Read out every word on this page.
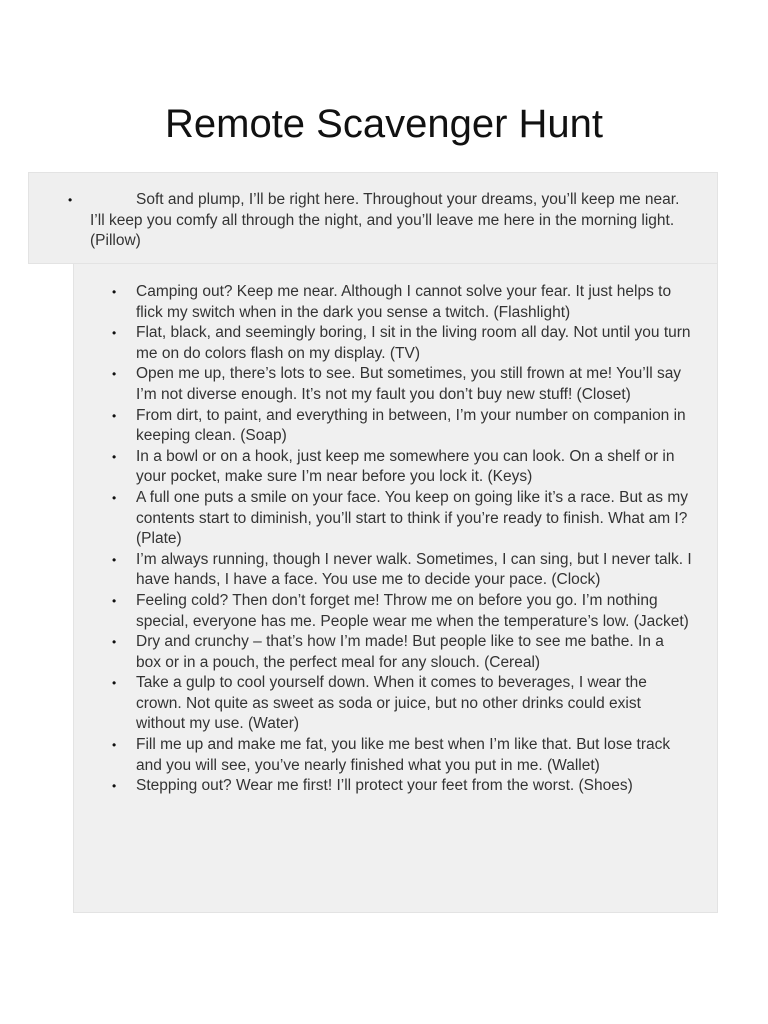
Remote Scavenger Hunt
•	Soft and plump, I’ll be right here. Throughout your dreams, you’ll keep me near. I’ll keep you comfy all through the night, and you’ll leave me here in the morning light. (Pillow)
• Camping out? Keep me near. Although I cannot solve your fear. It just helps to flick my switch when in the dark you sense a twitch. (Flashlight)
• Flat, black, and seemingly boring, I sit in the living room all day. Not until you turn me on do colors flash on my display. (TV)
• Open me up, there’s lots to see. But sometimes, you still frown at me! You’ll say I’m not diverse enough. It’s not my fault you don’t buy new stuff! (Closet)
• From dirt, to paint, and everything in between, I’m your number on companion in keeping clean. (Soap)
• In a bowl or on a hook, just keep me somewhere you can look. On a shelf or in your pocket, make sure I’m near before you lock it. (Keys)
• A full one puts a smile on your face. You keep on going like it’s a race. But as my contents start to diminish, you’ll start to think if you’re ready to finish. What am I? (Plate)
• I’m always running, though I never walk. Sometimes, I can sing, but I never talk. I have hands, I have a face. You use me to decide your pace. (Clock)
• Feeling cold? Then don’t forget me! Throw me on before you go. I’m nothing special, everyone has me. People wear me when the temperature’s low. (Jacket)
• Dry and crunchy – that’s how I’m made! But people like to see me bathe. In a box or in a pouch, the perfect meal for any slouch. (Cereal)
• Take a gulp to cool yourself down. When it comes to beverages, I wear the crown. Not quite as sweet as soda or juice, but no other drinks could exist without my use. (Water)
• Fill me up and make me fat, you like me best when I’m like that. But lose track and you will see, you’ve nearly finished what you put in me. (Wallet)
• Stepping out? Wear me first! I’ll protect your feet from the worst. (Shoes)
